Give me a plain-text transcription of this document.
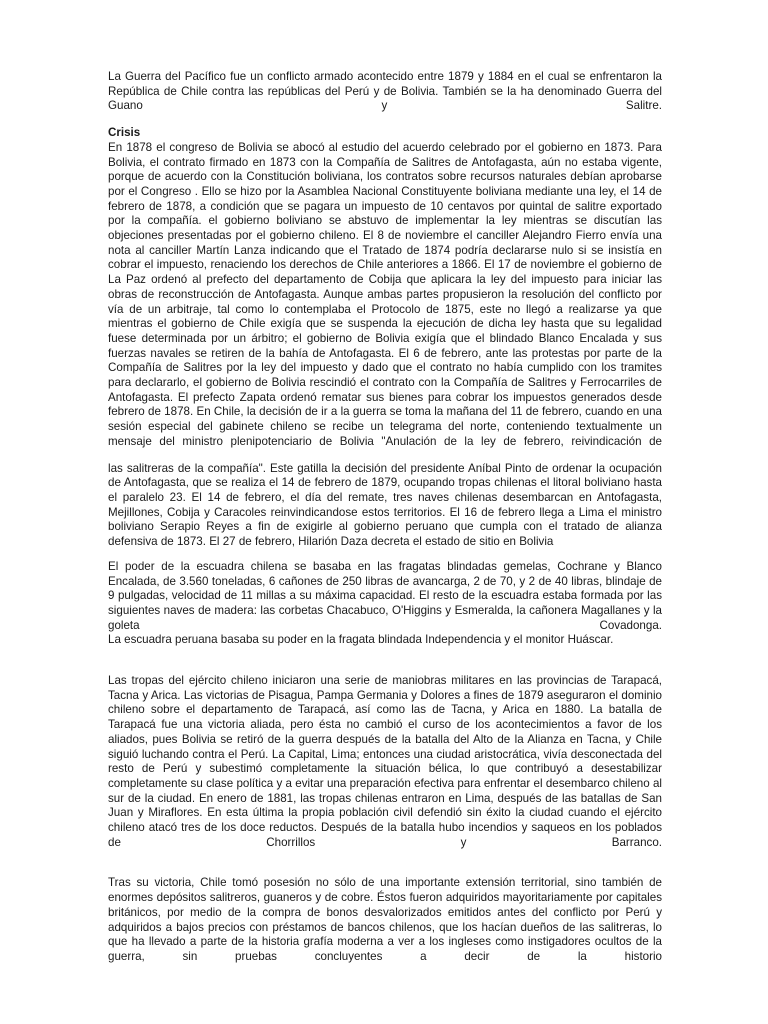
La Guerra del Pacífico fue un conflicto armado acontecido entre 1879 y 1884 en el cual se enfrentaron la República de Chile contra las repúblicas del Perú y de Bolivia. También se la ha denominado Guerra del Guano y Salitre.

Crisis

En 1878 el congreso de Bolivia se abocó al estudio del acuerdo celebrado por el gobierno en 1873. Para Bolivia, el contrato firmado en 1873 con la Compañía de Salitres de Antofagasta, aún no estaba vigente, porque de acuerdo con la Constitución boliviana, los contratos sobre recursos naturales debían aprobarse por el Congreso . Ello se hizo por la Asamblea Nacional Constituyente boliviana mediante una ley, el 14 de febrero de 1878, a condición que se pagara un impuesto de 10 centavos por quintal de salitre exportado por la compañía. el gobierno boliviano se abstuvo de implementar la ley mientras se discutían las objeciones presentadas por el gobierno chileno. El 8 de noviembre el canciller Alejandro Fierro envía una nota al canciller Martín Lanza indicando que el Tratado de 1874 podría declararse nulo si se insistía en cobrar el impuesto, renaciendo los derechos de Chile anteriores a 1866. El 17 de noviembre el gobierno de La Paz ordenó al prefecto del departamento de Cobija que aplicara la ley del impuesto para iniciar las obras de reconstrucción de Antofagasta. Aunque ambas partes propusieron la resolución del conflicto por vía de un arbitraje, tal como lo contemplaba el Protocolo de 1875, este no llegó a realizarse ya que mientras el gobierno de Chile exigía que se suspenda la ejecución de dicha ley hasta que su legalidad fuese determinada por un árbitro; el gobierno de Bolivia exigía que el blindado Blanco Encalada y sus fuerzas navales se retiren de la bahía de Antofagasta. El 6 de febrero, ante las protestas por parte de la Compañía de Salitres por la ley del impuesto y dado que el contrato no había cumplido con los tramites para declararlo, el gobierno de Bolivia rescindió el contrato con la Compañía de Salitres y Ferrocarriles de Antofagasta. El prefecto Zapata ordenó rematar sus bienes para cobrar los impuestos generados desde febrero de 1878. En Chile, la decisión de ir a la guerra se toma la mañana del 11 de febrero, cuando en una sesión especial del gabinete chileno se recibe un telegrama del norte, conteniendo textualmente un mensaje del ministro plenipotenciario de Bolivia "Anulación de la ley de febrero, reivindicación de

las salitreras de la compañía". Este gatilla la decisión del presidente Aníbal Pinto de ordenar la ocupación de Antofagasta, que se realiza el 14 de febrero de 1879, ocupando tropas chilenas el litoral boliviano hasta el paralelo 23. El 14 de febrero, el día del remate, tres naves chilenas desembarcan en Antofagasta, Mejillones, Cobija y Caracoles reinvindicandose estos territorios. El 16 de febrero llega a Lima el ministro boliviano Serapio Reyes a fin de exigirle al gobierno peruano que cumpla con el tratado de alianza defensiva de 1873. El 27 de febrero, Hilarión Daza decreta el estado de sitio en Bolivia

El poder de la escuadra chilena se basaba en las fragatas blindadas gemelas, Cochrane y Blanco Encalada, de 3.560 toneladas, 6 cañones de 250 libras de avancarga, 2 de 70, y 2 de 40 libras, blindaje de 9 pulgadas, velocidad de 11 millas a su máxima capacidad. El resto de la escuadra estaba formada por las siguientes naves de madera: las corbetas Chacabuco, O'Higgins y Esmeralda, la cañonera Magallanes y la goleta Covadonga.

La escuadra peruana basaba su poder en la fragata blindada Independencia y el monitor Huáscar.

Las tropas del ejército chileno iniciaron una serie de maniobras militares en las provincias de Tarapacá, Tacna y Arica. Las victorias de Pisagua, Pampa Germania y Dolores a fines de 1879 aseguraron el dominio chileno sobre el departamento de Tarapacá, así como las de Tacna, y Arica en 1880. La batalla de Tarapacá fue una victoria aliada, pero ésta no cambió el curso de los acontecimientos a favor de los aliados, pues Bolivia se retiró de la guerra después de la batalla del Alto de la Alianza en Tacna, y Chile siguió luchando contra el Perú. La Capital, Lima; entonces una ciudad aristocrática, vivía desconectada del resto de Perú y subestimó completamente la situación bélica, lo que contribuyó a desestabilizar completamente su clase política y a evitar una preparación efectiva para enfrentar el desembarco chileno al sur de la ciudad. En enero de 1881, las tropas chilenas entraron en Lima, después de las batallas de San Juan y Miraflores. En esta última la propia población civil defendió sin éxito la ciudad cuando el ejército chileno atacó tres de los doce reductos. Después de la batalla hubo incendios y saqueos en los poblados de Chorrillos y Barranco.

Tras su victoria, Chile tomó posesión no sólo de una importante extensión territorial, sino también de enormes depósitos salitreros, guaneros y de cobre. Éstos fueron adquiridos mayoritariamente por capitales británicos, por medio de la compra de bonos desvalorizados emitidos antes del conflicto por Perú y adquiridos a bajos precios con préstamos de bancos chilenos, que los hacían dueños de las salitreras, lo que ha llevado a parte de la historia grafía moderna a ver a los ingleses como instigadores ocultos de la guerra, sin pruebas concluyentes a decir de la historio
